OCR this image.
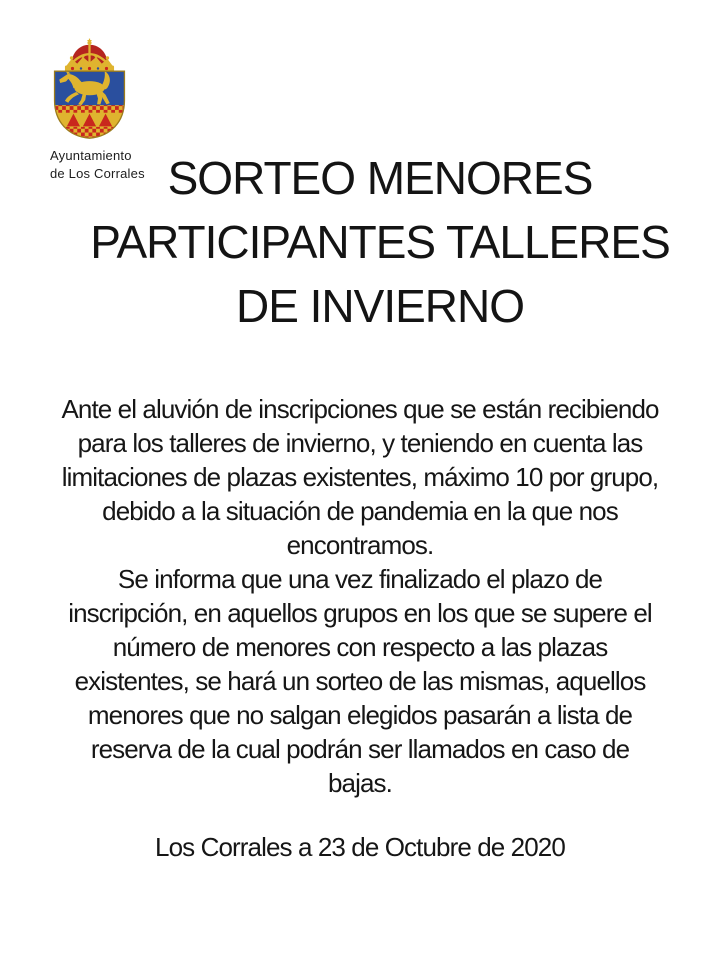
Ayuntamiento
de Los Corrales SORTEO MENORES
PARTICIPANTES TALLERES
DE INVIERNO

Ante el aluvión de inscripciones que se están recibiendo para los talleres de invierno, y teniendo en cuenta las limitaciones de plazas existentes, máximo 10 por grupo, debido a la situación de pandemia en la que nos encontramos.

Se informa que una vez finalizado el plazo de inscripción, en aquellos grupos en los que se supere el número de menores con respecto a las plazas existentes, se hará un sorteo de las mismas, aquellos menores que no salgan elegidos pasarán a lista de reserva de la cual podrán ser llamados en caso de bajas.

Los Corrales a 23 de Octubre de 2020
